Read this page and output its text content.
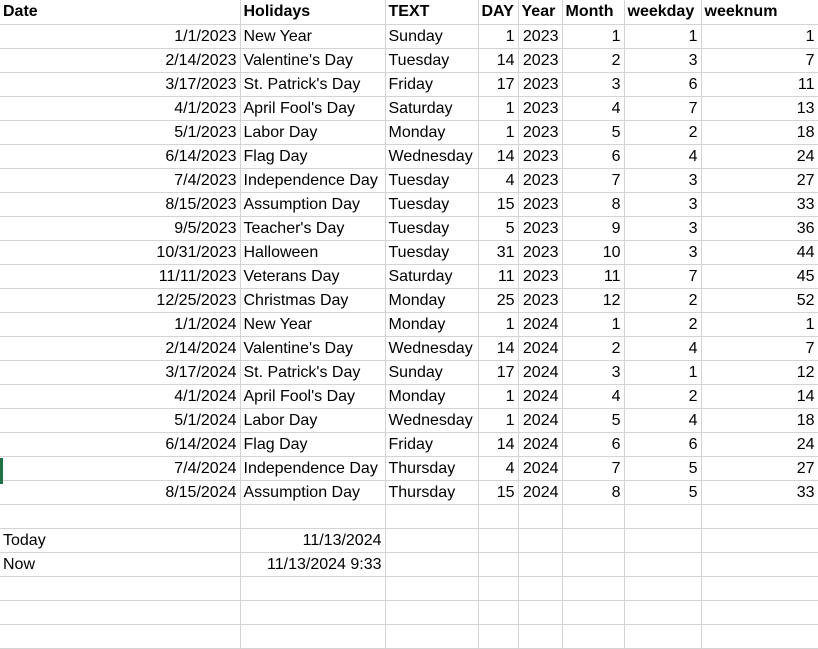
Date	Holidays	TEXT	DAY	Year	Month	weekday	weeknum
1/1/2023	New Year	Sunday	1	2023	1	1	1
2/14/2023	Valentine's Day	Tuesday	14	2023	2	3	7
3/17/2023	St. Patrick's Day	Friday	17	2023	3	6	11
4/1/2023	April Fool's Day	Saturday	1	2023	4	7	13
5/1/2023	Labor Day	Monday	1	2023	5	2	18
6/14/2023	Flag Day	Wednesday	14	2023	6	4	24
7/4/2023	Independence Day	Tuesday	4	2023	7	3	27
8/15/2023	Assumption Day	Tuesday	15	2023	8	3	33
9/5/2023	Teacher's Day	Tuesday	5	2023	9	3	36
10/31/2023	Halloween	Tuesday	31	2023	10	3	44
11/11/2023	Veterans Day	Saturday	11	2023	11	7	45
12/25/2023	Christmas Day	Monday	25	2023	12	2	52
1/1/2024	New Year	Monday	1	2024	1	2	1
2/14/2024	Valentine's Day	Wednesday	14	2024	2	4	7
3/17/2024	St. Patrick's Day	Sunday	17	2024	3	1	12
4/1/2024	April Fool's Day	Monday	1	2024	4	2	14
5/1/2024	Labor Day	Wednesday	1	2024	5	4	18
6/14/2024	Flag Day	Friday	14	2024	6	6	24
7/4/2024	Independence Day	Thursday	4	2024	7	5	27
8/15/2024	Assumption Day	Thursday	15	2024	8	5	33

Today	11/13/2024						
Now	11/13/2024 9:33						
